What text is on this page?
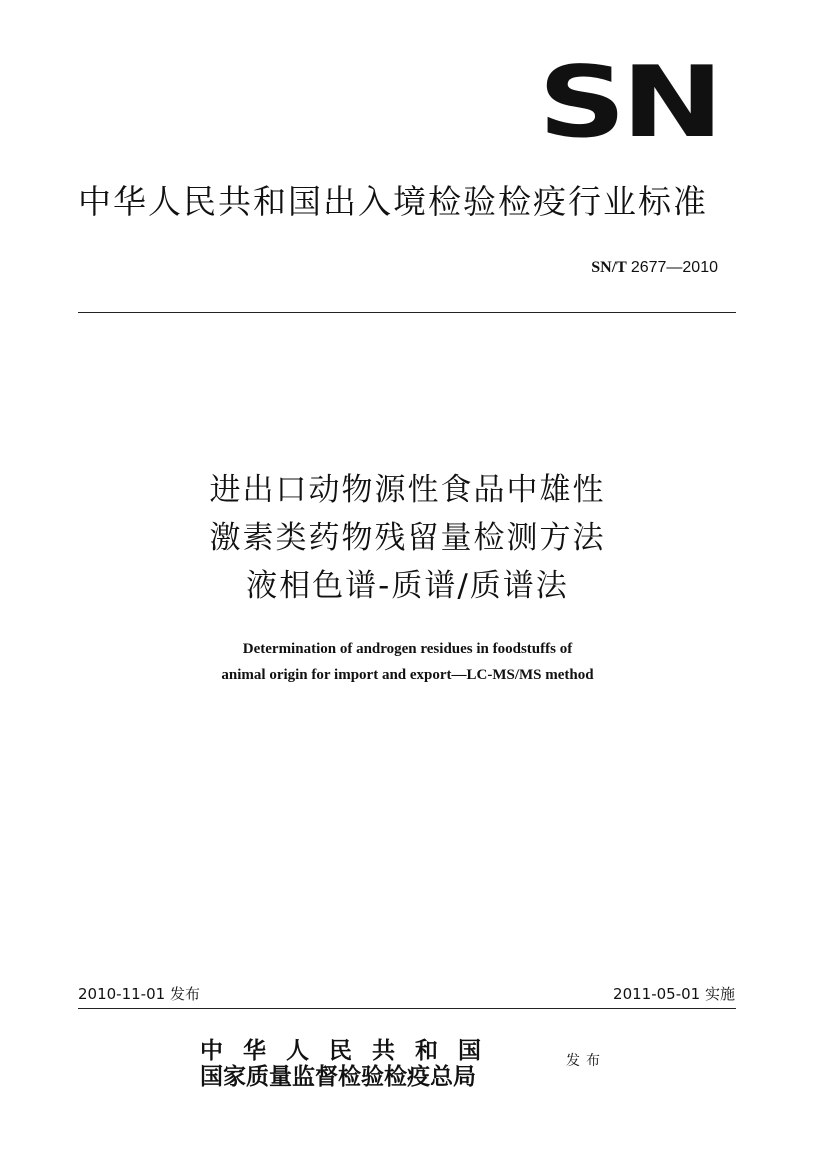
SN
中华人民共和国出入境检验检疫行业标准
SN/T 2677—2010
进出口动物源性食品中雄性
激素类药物残留量检测方法
液相色谱-质谱/质谱法
Determination of androgen residues in foodstuffs of
animal origin for import and export—LC-MS/MS method
2010-11-01 发布	2011-05-01 实施
中华人民共和国
国家质量监督检验检疫总局
发布
